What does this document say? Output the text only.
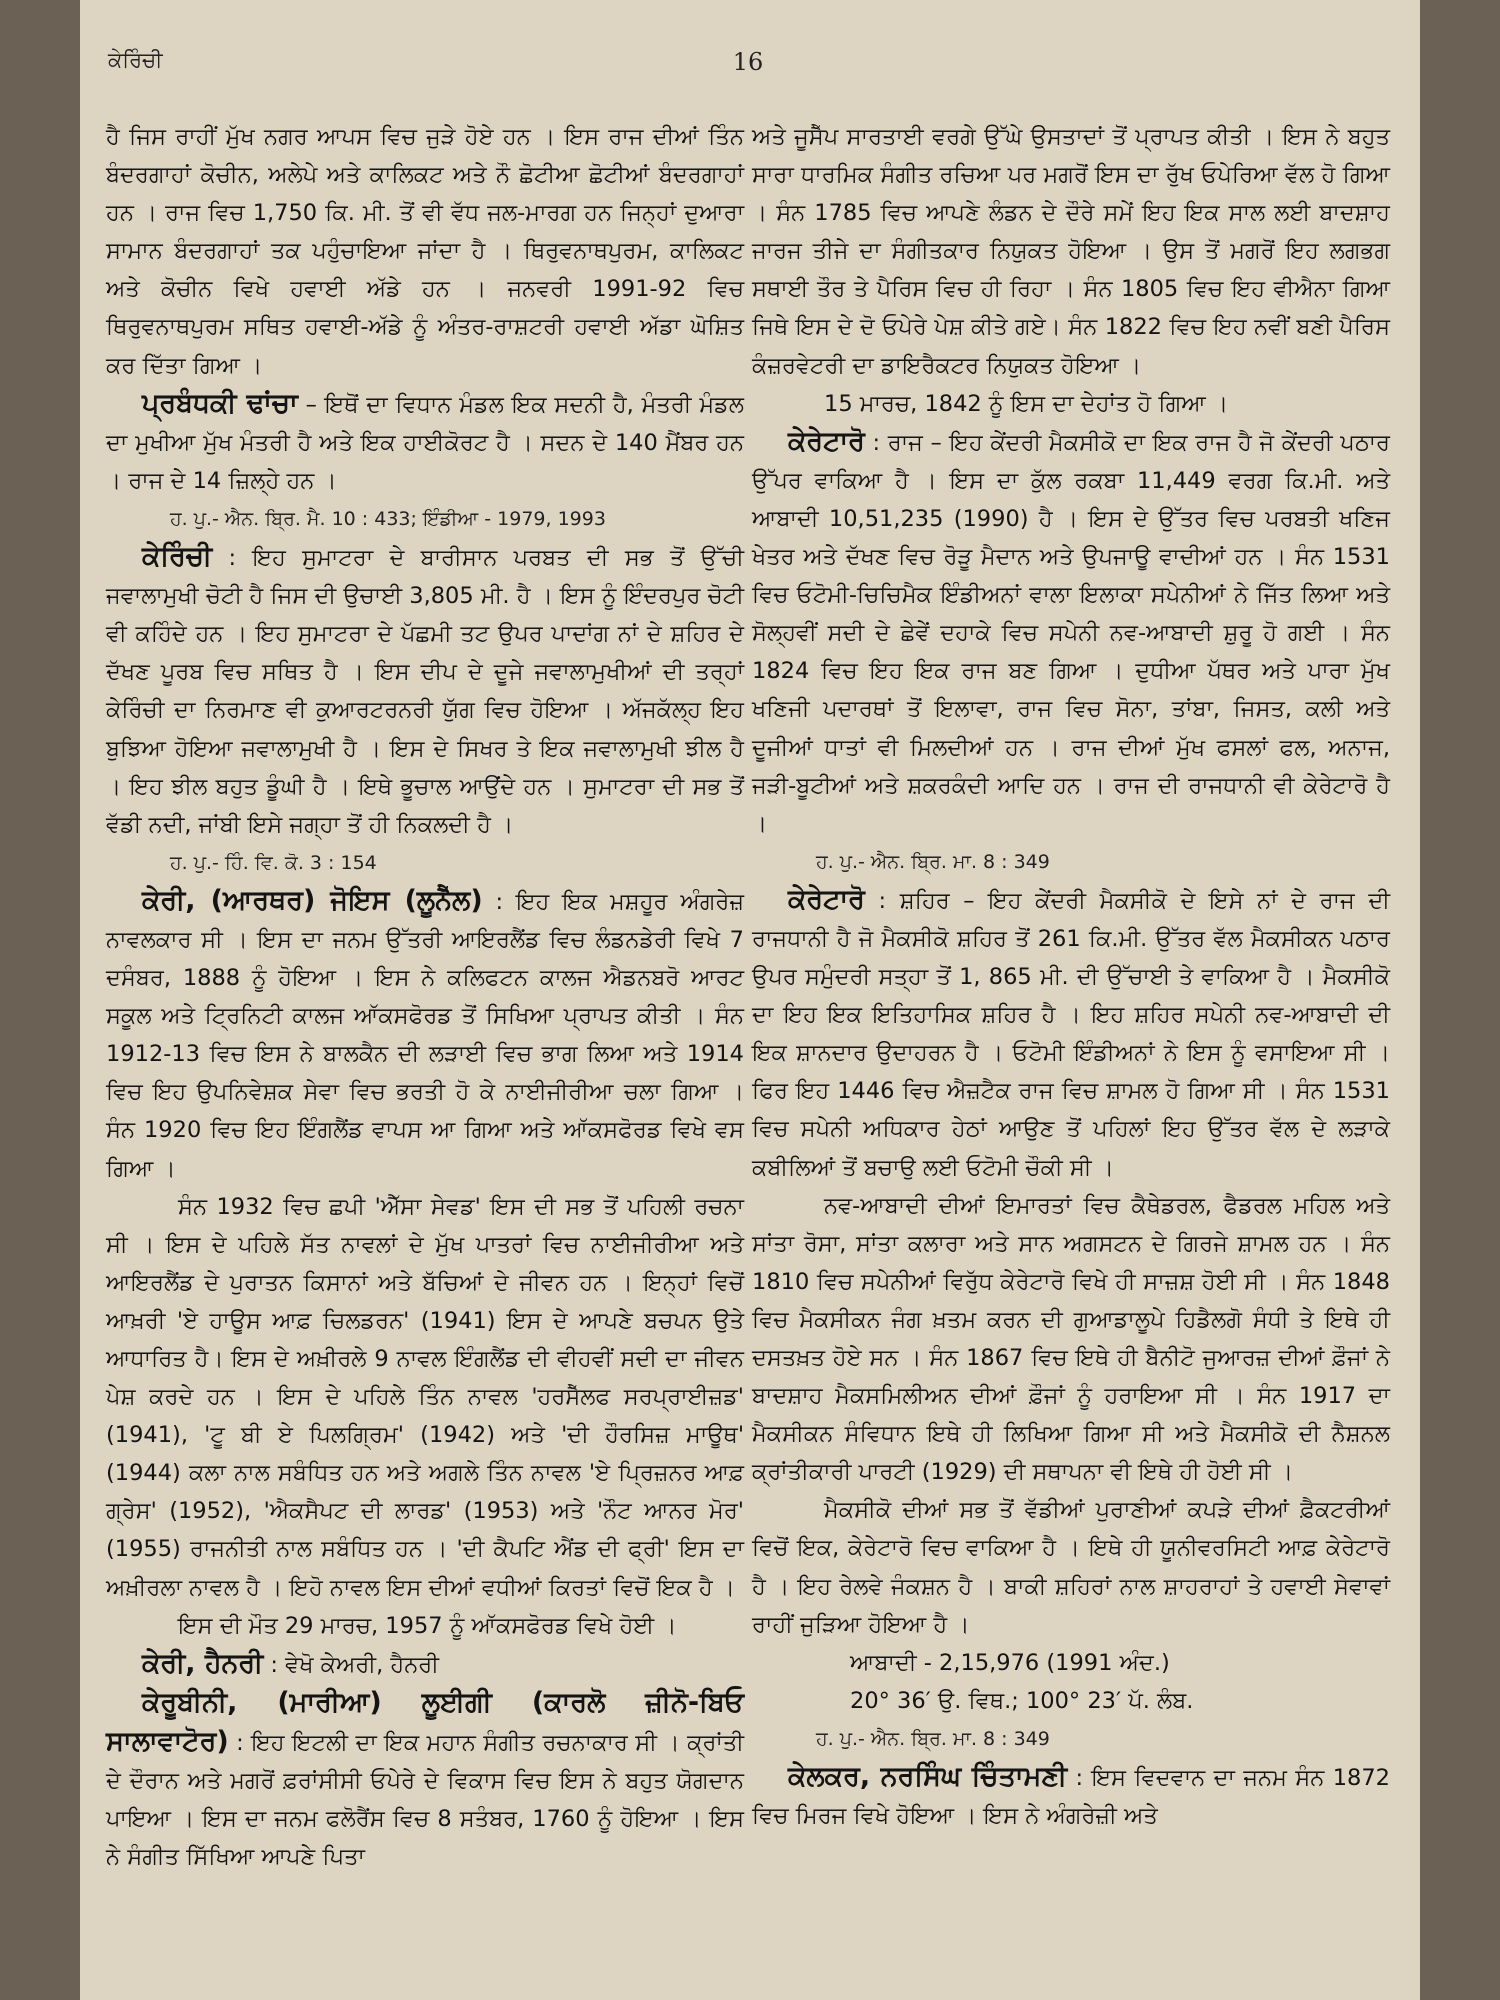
ਕੇਰਿੰਚੀ	16

ਹੈ ਜਿਸ ਰਾਹੀਂ ਮੁੱਖ ਨਗਰ ਆਪਸ ਵਿਚ ਜੁੜੇ ਹੋਏ ਹਨ । ਇਸ ਰਾਜ ਦੀਆਂ ਤਿੰਨ ਬੰਦਰਗਾਹਾਂ ਕੋਚੀਨ, ਅਲੇਪੇ ਅਤੇ ਕਾਲਿਕਟ ਅਤੇ ਨੌ ਛੋਟੀਆ ਛੋਟੀਆਂ ਬੰਦਰਗਾਹਾਂ ਹਨ । ਰਾਜ ਵਿਚ 1,750 ਕਿ. ਮੀ. ਤੋਂ ਵੀ ਵੱਧ ਜਲ-ਮਾਰਗ ਹਨ ਜਿਨ੍ਹਾਂ ਦੁਆਰਾ ਸਾਮਾਨ ਬੰਦਰਗਾਹਾਂ ਤਕ ਪਹੁੰਚਾਇਆ ਜਾਂਦਾ ਹੈ । ਥਿਰੁਵਨਾਥਪੁਰਮ, ਕਾਲਿਕਟ ਅਤੇ ਕੋਚੀਨ ਵਿਖੇ ਹਵਾਈ ਅੱਡੇ ਹਨ । ਜਨਵਰੀ 1991-92 ਵਿਚ ਥਿਰੁਵਨਾਥਪੁਰਮ ਸਥਿਤ ਹਵਾਈ-ਅੱਡੇ ਨੂੰ ਅੰਤਰ-ਰਾਸ਼ਟਰੀ ਹਵਾਈ ਅੱਡਾ ਘੋਸ਼ਿਤ ਕਰ ਦਿੱਤਾ ਗਿਆ ।

ਪ੍ਰਬੰਧਕੀ ਢਾਂਚਾ – ਇਥੋਂ ਦਾ ਵਿਧਾਨ ਮੰਡਲ ਇਕ ਸਦਨੀ ਹੈ, ਮੰਤਰੀ ਮੰਡਲ ਦਾ ਮੁਖੀਆ ਮੁੱਖ ਮੰਤਰੀ ਹੈ ਅਤੇ ਇਕ ਹਾਈਕੋਰਟ ਹੈ । ਸਦਨ ਦੇ 140 ਮੈਂਬਰ ਹਨ । ਰਾਜ ਦੇ 14 ਜ਼ਿਲ੍ਹੇ ਹਨ ।

ਹ. ਪੁ.- ਐਨ. ਬ੍ਰਿ. ਮੈ. 10 : 433; ਇੰਡੀਆ - 1979, 1993

ਕੇਰਿੰਚੀ : ਇਹ ਸੁਮਾਟਰਾ ਦੇ ਬਾਰੀਸਾਨ ਪਰਬਤ ਦੀ ਸਭ ਤੋਂ ਉੱਚੀ ਜਵਾਲਾਮੁਖੀ ਚੋਟੀ ਹੈ ਜਿਸ ਦੀ ਉਚਾਈ 3,805 ਮੀ. ਹੈ । ਇਸ ਨੂੰ ਇੰਦਰਪੁਰ ਚੋਟੀ ਵੀ ਕਹਿੰਦੇ ਹਨ । ਇਹ ਸੁਮਾਟਰਾ ਦੇ ਪੱਛਮੀ ਤਟ ਉਪਰ ਪਾਦਾਂਗ ਨਾਂ ਦੇ ਸ਼ਹਿਰ ਦੇ ਦੱਖਣ ਪੂਰਬ ਵਿਚ ਸਥਿਤ ਹੈ । ਇਸ ਦੀਪ ਦੇ ਦੂਜੇ ਜਵਾਲਾਮੁਖੀਆਂ ਦੀ ਤਰ੍ਹਾਂ ਕੇਰਿੰਚੀ ਦਾ ਨਿਰਮਾਣ ਵੀ ਕੁਆਰਟਰਨਰੀ ਯੁੱਗ ਵਿਚ ਹੋਇਆ । ਅੱਜਕੱਲ੍ਹ ਇਹ ਬੁਝਿਆ ਹੋਇਆ ਜਵਾਲਾਮੁਖੀ ਹੈ । ਇਸ ਦੇ ਸਿਖਰ ਤੇ ਇਕ ਜਵਾਲਾਮੁਖੀ ਝੀਲ ਹੈ । ਇਹ ਝੀਲ ਬਹੁਤ ਡੂੰਘੀ ਹੈ । ਇਥੇ ਭੂਚਾਲ ਆਉਂਦੇ ਹਨ । ਸੁਮਾਟਰਾ ਦੀ ਸਭ ਤੋਂ ਵੱਡੀ ਨਦੀ, ਜਾਂਬੀ ਇਸੇ ਜਗ੍ਹਾ ਤੋਂ ਹੀ ਨਿਕਲਦੀ ਹੈ ।

ਹ. ਪੁ.- ਹਿੰ. ਵਿ. ਕੋ. 3 : 154

ਕੇਰੀ, (ਆਰਥਰ) ਜੋਇਸ (ਲੂਨੈੱਲ) : ਇਹ ਇਕ ਮਸ਼ਹੂਰ ਅੰਗਰੇਜ਼ ਨਾਵਲਕਾਰ ਸੀ । ਇਸ ਦਾ ਜਨਮ ਉੱਤਰੀ ਆਇਰਲੈਂਡ ਵਿਚ ਲੰਡਨਡੇਰੀ ਵਿਖੇ 7 ਦਸੰਬਰ, 1888 ਨੂੰ ਹੋਇਆ । ਇਸ ਨੇ ਕਲਿਫਟਨ ਕਾਲਜ ਐਡਨਬਰੋ ਆਰਟ ਸਕੂਲ ਅਤੇ ਟ੍ਰਿਨਿਟੀ ਕਾਲਜ ਆੱਕਸਫੋਰਡ ਤੋਂ ਸਿਖਿਆ ਪ੍ਰਾਪਤ ਕੀਤੀ । ਸੰਨ 1912-13 ਵਿਚ ਇਸ ਨੇ ਬਾਲਕੈਨ ਦੀ ਲੜਾਈ ਵਿਚ ਭਾਗ ਲਿਆ ਅਤੇ 1914 ਵਿਚ ਇਹ ਉਪਨਿਵੇਸ਼ਕ ਸੇਵਾ ਵਿਚ ਭਰਤੀ ਹੋ ਕੇ ਨਾਈਜੀਰੀਆ ਚਲਾ ਗਿਆ । ਸੰਨ 1920 ਵਿਚ ਇਹ ਇੰਗਲੈਂਡ ਵਾਪਸ ਆ ਗਿਆ ਅਤੇ ਆੱਕਸਫੋਰਡ ਵਿਖੇ ਵਸ ਗਿਆ ।

ਸੰਨ 1932 ਵਿਚ ਛਪੀ 'ਐੱਸਾ ਸੇਵਡ' ਇਸ ਦੀ ਸਭ ਤੋਂ ਪਹਿਲੀ ਰਚਨਾ ਸੀ । ਇਸ ਦੇ ਪਹਿਲੇ ਸੱਤ ਨਾਵਲਾਂ ਦੇ ਮੁੱਖ ਪਾਤਰਾਂ ਵਿਚ ਨਾਈਜੀਰੀਆ ਅਤੇ ਆਇਰਲੈਂਡ ਦੇ ਪੁਰਾਤਨ ਕਿਸਾਨਾਂ ਅਤੇ ਬੱਚਿਆਂ ਦੇ ਜੀਵਨ ਹਨ । ਇਨ੍ਹਾਂ ਵਿਚੋਂ ਆਖ਼ਰੀ 'ਏ ਹਾਊਸ ਆਫ਼ ਚਿਲਡਰਨ' (1941) ਇਸ ਦੇ ਆਪਣੇ ਬਚਪਨ ਉਤੇ ਆਧਾਰਿਤ ਹੈ। ਇਸ ਦੇ ਅਖ਼ੀਰਲੇ 9 ਨਾਵਲ ਇੰਗਲੈਂਡ ਦੀ ਵੀਹਵੀਂ ਸਦੀ ਦਾ ਜੀਵਨ ਪੇਸ਼ ਕਰਦੇ ਹਨ । ਇਸ ਦੇ ਪਹਿਲੇ ਤਿੰਨ ਨਾਵਲ 'ਹਰਸੈੱਲਫ ਸਰਪ੍ਰਾਈਜ਼ਡ' (1941), 'ਟੂ ਬੀ ਏ ਪਿਲਗ੍ਰਿਮ' (1942) ਅਤੇ 'ਦੀ ਹੌਰਸਿਜ਼ ਮਾਊਥ' (1944) ਕਲਾ ਨਾਲ ਸਬੰਧਿਤ ਹਨ ਅਤੇ ਅਗਲੇ ਤਿੰਨ ਨਾਵਲ 'ਏ ਪ੍ਰਿਜ਼ਨਰ ਆਫ਼ ਗ੍ਰੇਸ' (1952), 'ਐਕਸੈਪਟ ਦੀ ਲਾਰਡ' (1953) ਅਤੇ 'ਨੌਟ ਆਨਰ ਮੋਰ' (1955) ਰਾਜਨੀਤੀ ਨਾਲ ਸਬੰਧਿਤ ਹਨ । 'ਦੀ ਕੈਪਟਿ ਐਂਡ ਦੀ ਫ੍ਰੀ' ਇਸ ਦਾ ਅਖ਼ੀਰਲਾ ਨਾਵਲ ਹੈ । ਇਹੋ ਨਾਵਲ ਇਸ ਦੀਆਂ ਵਧੀਆਂ ਕਿਰਤਾਂ ਵਿਚੋਂ ਇਕ ਹੈ ।

ਇਸ ਦੀ ਮੌਤ 29 ਮਾਰਚ, 1957 ਨੂੰ ਆੱਕਸਫੋਰਡ ਵਿਖੇ ਹੋਈ ।

ਕੇਰੀ, ਹੈਨਰੀ : ਵੇਖੋ ਕੇਅਰੀ, ਹੈਨਰੀ

ਕੇਰੂਬੀਨੀ, (ਮਾਰੀਆ) ਲੂਈਗੀ (ਕਾਰਲੋ ਜ਼ੀਨੋ-ਬਿਓ ਸਾਲਾਵਾਟੋਰ) : ਇਹ ਇਟਲੀ ਦਾ ਇਕ ਮਹਾਨ ਸੰਗੀਤ ਰਚਨਾਕਾਰ ਸੀ । ਕ੍ਰਾਂਤੀ ਦੇ ਦੌਰਾਨ ਅਤੇ ਮਗਰੋਂ ਫ਼ਰਾਂਸੀਸੀ ਓਪੇਰੇ ਦੇ ਵਿਕਾਸ ਵਿਚ ਇਸ ਨੇ ਬਹੁਤ ਯੋਗਦਾਨ ਪਾਇਆ । ਇਸ ਦਾ ਜਨਮ ਫਲੋਰੈਂਸ ਵਿਚ 8 ਸਤੰਬਰ, 1760 ਨੂੰ ਹੋਇਆ । ਇਸ ਨੇ ਸੰਗੀਤ ਸਿੱਖਿਆ ਆਪਣੇ ਪਿਤਾ

ਅਤੇ ਜੂਸੈੱਪ ਸਾਰਤਾਈ ਵਰਗੇ ਉੱਘੇ ਉਸਤਾਦਾਂ ਤੋਂ ਪ੍ਰਾਪਤ ਕੀਤੀ । ਇਸ ਨੇ ਬਹੁਤ ਸਾਰਾ ਧਾਰਮਿਕ ਸੰਗੀਤ ਰਚਿਆ ਪਰ ਮਗਰੋਂ ਇਸ ਦਾ ਰੁੱਖ ਓਪੇਰਿਆ ਵੱਲ ਹੋ ਗਿਆ । ਸੰਨ 1785 ਵਿਚ ਆਪਣੇ ਲੰਡਨ ਦੇ ਦੌਰੇ ਸਮੇਂ ਇਹ ਇਕ ਸਾਲ ਲਈ ਬਾਦਸ਼ਾਹ ਜਾਰਜ ਤੀਜੇ ਦਾ ਸੰਗੀਤਕਾਰ ਨਿਯੁਕਤ ਹੋਇਆ । ਉਸ ਤੋਂ ਮਗਰੋਂ ਇਹ ਲਗਭਗ ਸਥਾਈ ਤੌਰ ਤੇ ਪੈਰਿਸ ਵਿਚ ਹੀ ਰਿਹਾ । ਸੰਨ 1805 ਵਿਚ ਇਹ ਵੀਐਨਾ ਗਿਆ ਜਿਥੇ ਇਸ ਦੇ ਦੋ ਓਪੇਰੇ ਪੇਸ਼ ਕੀਤੇ ਗਏ। ਸੰਨ 1822 ਵਿਚ ਇਹ ਨਵੀਂ ਬਣੀ ਪੈਰਿਸ ਕੰਜ਼ਰਵੇਟਰੀ ਦਾ ਡਾਇਰੈਕਟਰ ਨਿਯੁਕਤ ਹੋਇਆ ।

15 ਮਾਰਚ, 1842 ਨੂੰ ਇਸ ਦਾ ਦੇਹਾਂਤ ਹੋ ਗਿਆ ।

ਕੇਰੇਟਾਰੋ : ਰਾਜ – ਇਹ ਕੇਂਦਰੀ ਮੈਕਸੀਕੋ ਦਾ ਇਕ ਰਾਜ ਹੈ ਜੋ ਕੇਂਦਰੀ ਪਠਾਰ ਉੱਪਰ ਵਾਕਿਆ ਹੈ । ਇਸ ਦਾ ਕੁੱਲ ਰਕਬਾ 11,449 ਵਰਗ ਕਿ.ਮੀ. ਅਤੇ ਆਬਾਦੀ 10,51,235 (1990) ਹੈ । ਇਸ ਦੇ ਉੱਤਰ ਵਿਚ ਪਰਬਤੀ ਖਣਿਜ ਖੇਤਰ ਅਤੇ ਦੱਖਣ ਵਿਚ ਰੋੜੂ ਮੈਦਾਨ ਅਤੇ ਉਪਜਾਊ ਵਾਦੀਆਂ ਹਨ । ਸੰਨ 1531 ਵਿਚ ਓਟੋਮੀ-ਚਿਚਿਮੈਕ ਇੰਡੀਅਨਾਂ ਵਾਲਾ ਇਲਾਕਾ ਸਪੇਨੀਆਂ ਨੇ ਜਿੱਤ ਲਿਆ ਅਤੇ ਸੋਲ੍ਹਵੀਂ ਸਦੀ ਦੇ ਛੇਵੇਂ ਦਹਾਕੇ ਵਿਚ ਸਪੇਨੀ ਨਵ-ਆਬਾਦੀ ਸ਼ੁਰੂ ਹੋ ਗਈ । ਸੰਨ 1824 ਵਿਚ ਇਹ ਇਕ ਰਾਜ ਬਣ ਗਿਆ । ਦੁਧੀਆ ਪੱਥਰ ਅਤੇ ਪਾਰਾ ਮੁੱਖ ਖਣਿਜੀ ਪਦਾਰਥਾਂ ਤੋਂ ਇਲਾਵਾ, ਰਾਜ ਵਿਚ ਸੋਨਾ, ਤਾਂਬਾ, ਜਿਸਤ, ਕਲੀ ਅਤੇ ਦੂਜੀਆਂ ਧਾਤਾਂ ਵੀ ਮਿਲਦੀਆਂ ਹਨ । ਰਾਜ ਦੀਆਂ ਮੁੱਖ ਫਸਲਾਂ ਫਲ, ਅਨਾਜ, ਜੜੀ-ਬੂਟੀਆਂ ਅਤੇ ਸ਼ਕਰਕੰਦੀ ਆਦਿ ਹਨ । ਰਾਜ ਦੀ ਰਾਜਧਾਨੀ ਵੀ ਕੇਰੇਟਾਰੋ ਹੈ ।

ਹ. ਪੁ.- ਐਨ. ਬ੍ਰਿ. ਮਾ. 8 : 349

ਕੇਰੇਟਾਰੋ : ਸ਼ਹਿਰ – ਇਹ ਕੇਂਦਰੀ ਮੈਕਸੀਕੋ ਦੇ ਇਸੇ ਨਾਂ ਦੇ ਰਾਜ ਦੀ ਰਾਜਧਾਨੀ ਹੈ ਜੋ ਮੈਕਸੀਕੋ ਸ਼ਹਿਰ ਤੋਂ 261 ਕਿ.ਮੀ. ਉੱਤਰ ਵੱਲ ਮੈਕਸੀਕਨ ਪਠਾਰ ਉਪਰ ਸਮੁੰਦਰੀ ਸਤ੍ਹਾ ਤੋਂ 1, 865 ਮੀ. ਦੀ ਉੱਚਾਈ ਤੇ ਵਾਕਿਆ ਹੈ । ਮੈਕਸੀਕੋ ਦਾ ਇਹ ਇਕ ਇਤਿਹਾਸਿਕ ਸ਼ਹਿਰ ਹੈ । ਇਹ ਸ਼ਹਿਰ ਸਪੇਨੀ ਨਵ-ਆਬਾਦੀ ਦੀ ਇਕ ਸ਼ਾਨਦਾਰ ਉਦਾਹਰਨ ਹੈ । ਓਟੋਮੀ ਇੰਡੀਅਨਾਂ ਨੇ ਇਸ ਨੂੰ ਵਸਾਇਆ ਸੀ । ਫਿਰ ਇਹ 1446 ਵਿਚ ਐਜ਼ਟੈਕ ਰਾਜ ਵਿਚ ਸ਼ਾਮਲ ਹੋ ਗਿਆ ਸੀ । ਸੰਨ 1531 ਵਿਚ ਸਪੇਨੀ ਅਧਿਕਾਰ ਹੇਠਾਂ ਆਉਣ ਤੋਂ ਪਹਿਲਾਂ ਇਹ ਉੱਤਰ ਵੱਲ ਦੇ ਲੜਾਕੇ ਕਬੀਲਿਆਂ ਤੋਂ ਬਚਾਉ ਲਈ ਓਟੋਮੀ ਚੌਕੀ ਸੀ ।

ਨਵ-ਆਬਾਦੀ ਦੀਆਂ ਇਮਾਰਤਾਂ ਵਿਚ ਕੈਥੇਡਰਲ, ਫੈਡਰਲ ਮਹਿਲ ਅਤੇ ਸਾਂਤਾ ਰੋਸਾ, ਸਾਂਤਾ ਕਲਾਰਾ ਅਤੇ ਸਾਨ ਅਗਸਟਨ ਦੇ ਗਿਰਜੇ ਸ਼ਾਮਲ ਹਨ । ਸੰਨ 1810 ਵਿਚ ਸਪੇਨੀਆਂ ਵਿਰੁੱਧ ਕੇਰੇਟਾਰੋ ਵਿਖੇ ਹੀ ਸਾਜ਼ਸ਼ ਹੋਈ ਸੀ । ਸੰਨ 1848 ਵਿਚ ਮੈਕਸੀਕਨ ਜੰਗ ਖ਼ਤਮ ਕਰਨ ਦੀ ਗੁਆਡਾਲੂਪੇ ਹਿਡੈਲਗੋ ਸੰਧੀ ਤੇ ਇਥੇ ਹੀ ਦਸਤਖ਼ਤ ਹੋਏ ਸਨ । ਸੰਨ 1867 ਵਿਚ ਇਥੇ ਹੀ ਬੈਨੀਟੋ ਜੁਆਰਜ਼ ਦੀਆਂ ਫ਼ੌਜਾਂ ਨੇ ਬਾਦਸ਼ਾਹ ਮੈਕਸਮਿਲੀਅਨ ਦੀਆਂ ਫ਼ੌਜਾਂ ਨੂੰ ਹਰਾਇਆ ਸੀ । ਸੰਨ 1917 ਦਾ ਮੈਕਸੀਕਨ ਸੰਵਿਧਾਨ ਇਥੇ ਹੀ ਲਿਖਿਆ ਗਿਆ ਸੀ ਅਤੇ ਮੈਕਸੀਕੋ ਦੀ ਨੈਸ਼ਨਲ ਕ੍ਰਾਂਤੀਕਾਰੀ ਪਾਰਟੀ (1929) ਦੀ ਸਥਾਪਨਾ ਵੀ ਇਥੇ ਹੀ ਹੋਈ ਸੀ ।

ਮੈਕਸੀਕੋ ਦੀਆਂ ਸਭ ਤੋਂ ਵੱਡੀਆਂ ਪੁਰਾਣੀਆਂ ਕਪੜੇ ਦੀਆਂ ਫ਼ੈਕਟਰੀਆਂ ਵਿਚੋਂ ਇਕ, ਕੇਰੇਟਾਰੋ ਵਿਚ ਵਾਕਿਆ ਹੈ । ਇਥੇ ਹੀ ਯੂਨੀਵਰਸਿਟੀ ਆਫ਼ ਕੇਰੇਟਾਰੋ ਹੈ । ਇਹ ਰੇਲਵੇ ਜੰਕਸ਼ਨ ਹੈ । ਬਾਕੀ ਸ਼ਹਿਰਾਂ ਨਾਲ ਸ਼ਾਹਰਾਹਾਂ ਤੇ ਹਵਾਈ ਸੇਵਾਵਾਂ ਰਾਹੀਂ ਜੁੜਿਆ ਹੋਇਆ ਹੈ ।

ਆਬਾਦੀ - 2,15,976 (1991 ਅੰਦ.)

20° 36′ ਉ. ਵਿਥ.; 100° 23′ ਪੱ. ਲੰਬ.

ਹ. ਪੁ.- ਐਨ. ਬ੍ਰਿ. ਮਾ. 8 : 349

ਕੇਲਕਰ, ਨਰਸਿੰਘ ਚਿੰਤਾਮਣੀ : ਇਸ ਵਿਦਵਾਨ ਦਾ ਜਨਮ ਸੰਨ 1872 ਵਿਚ ਮਿਰਜ ਵਿਖੇ ਹੋਇਆ । ਇਸ ਨੇ ਅੰਗਰੇਜ਼ੀ ਅਤੇ
